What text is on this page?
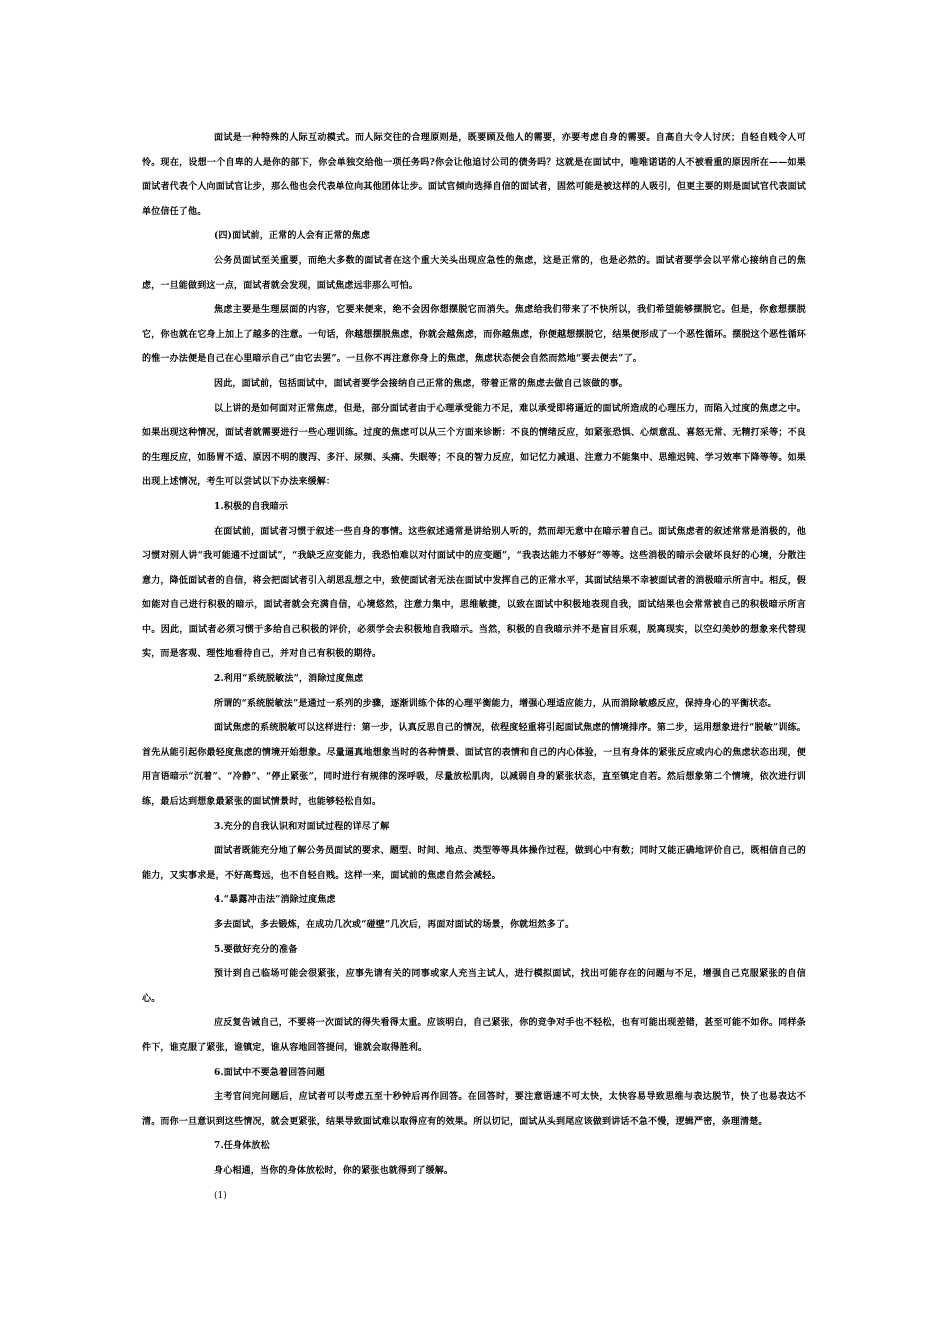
面试是一种特殊的人际互动模式。而人际交往的合理原则是，既要顾及他人的需要，亦要考虑自身的需要。自高自大令人讨厌；自轻自贱令人可怜。现在，设想一个自卑的人是你的部下，你会单独交给他一项任务吗?你会让他追讨公司的债务吗？这就是在面试中，唯唯诺诺的人不被看重的原因所在——如果面试者代表个人向面试官让步，那么他也会代表单位向其他团体让步。面试官倾向选择自信的面试者，固然可能是被这样的人吸引，但更主要的则是面试官代表面试单位信任了他。

(四)面试前，正常的人会有正常的焦虑

公务员面试至关重要，而绝大多数的面试者在这个重大关头出现应急性的焦虑，这是正常的，也是必然的。面试者要学会以平常心接纳自己的焦虑，一旦能做到这一点，面试者就会发现，面试焦虑远非那么可怕。

焦虑主要是生理层面的内容，它要来便来，绝不会因你想摆脱它而消失。焦虑给我们带来了不快所以，我们希望能够摆脱它。但是，你愈想摆脱它，你也就在它身上加上了越多的注意。一句话，你越想摆脱焦虑，你就会越焦虑，而你越焦虑，你便越想摆脱它，结果便形成了一个恶性循环。摆脱这个恶性循环的惟一办法便是自己在心里暗示自己“由它去罢”。一旦你不再注意你身上的焦虑，焦虑状态便会自然而然地“要去便去”了。

因此，面试前，包括面试中，面试者要学会接纳自己正常的焦虑，带着正常的焦虑去做自己该做的事。

以上讲的是如何面对正常焦虑，但是，部分面试者由于心理承受能力不足，难以承受即将逼近的面试所造成的心理压力，而陷入过度的焦虑之中。如果出现这种情况，面试者就需要进行一些心理训练。过度的焦虑可以从三个方面来诊断：不良的情绪反应，如紧张恐惧、心烦意乱、喜怒无常、无精打采等；不良的生理反应，如肠胃不适、原因不明的腹泻、多汗、尿频、头痛、失眠等；不良的智力反应，如记忆力减退、注意力不能集中、思维迟钝、学习效率下降等等。如果出现上述情况，考生可以尝试以下办法来缓解：

1.积极的自我暗示

在面试前，面试者习惯于叙述一些自身的事情。这些叙述通常是讲给别人听的，然而却无意中在暗示着自己。面试焦虑者的叙述常常是消极的，他习惯对别人讲“我可能通不过面试”，“我缺乏应变能力，我恐怕难以对付面试中的应变题”，“我表达能力不够好”等等。这些消极的暗示会破坏良好的心境，分散注意力，降低面试者的自信，将会把面试者引入胡思乱想之中，致使面试者无法在面试中发挥自己的正常水平，其面试结果不幸被面试者的消极暗示所言中。相反，假如能对自己进行积极的暗示，面试者就会充满自信，心境悠然，注意力集中，思维敏捷，以致在面试中积极地表现自我，面试结果也会常常被自己的积极暗示所言中。因此，面试者必须习惯于多给自己积极的评价，必须学会去积极地自我暗示。当然，积极的自我暗示并不是盲目乐观，脱离现实，以空幻美妙的想象来代替现实，而是客观、理性地看待自己，并对自己有积极的期待。

2.利用“系统脱敏法”，消除过度焦虑

所谓的“系统脱敏法”是通过一系列的步骤，逐渐训练个体的心理平衡能力，增强心理适应能力，从而消除敏感反应，保持身心的平衡状态。

面试焦虑的系统脱敏可以这样进行：第一步，认真反思自己的情况，依程度轻重将引起面试焦虑的情境排序。第二步，运用想象进行“脱敏”训练。首先从能引起你最轻度焦虑的情境开始想象。尽量逼真地想象当时的各种情景、面试官的表情和自己的内心体验，一旦有身体的紧张反应或内心的焦虑状态出现，便用言语暗示“沉着”、“冷静”、“停止紧张”，同时进行有规律的深呼吸，尽量放松肌肉，以减弱自身的紧张状态，直至镇定自若。然后想象第二个情境，依次进行训练，最后达到想象最紧张的面试情景时，也能够轻松自如。

3.充分的自我认识和对面试过程的详尽了解

面试者既能充分地了解公务员面试的要求、题型、时间、地点、类型等等具体操作过程，做到心中有数；同时又能正确地评价自己，既相信自己的能力，又实事求是，不好高骛远，也不自轻自贱。这样一来，面试前的焦虑自然会减轻。

4.“暴露冲击法”消除过度焦虑

多去面试，多去锻炼，在成功几次或“碰壁”几次后，再面对面试的场景，你就坦然多了。

5.要做好充分的准备

预计到自己临场可能会很紧张，应事先请有关的同事或家人充当主试人，进行模拟面试，找出可能存在的问题与不足，增强自己克服紧张的自信心。

应反复告诫自己，不要将一次面试的得失看得太重。应该明白，自己紧张，你的竞争对手也不轻松，也有可能出现差错，甚至可能不如你。同样条件下，谁克服了紧张，谁镇定，谁从容地回答提问，谁就会取得胜利。

6.面试中不要急着回答问题

主考官问完问题后，应试者可以考虑五至十秒钟后再作回答。在回答时，要注意语速不可太快，太快容易导致思维与表达脱节，快了也易表达不清。而你一旦意识到这些情况，就会更紧张，结果导致面试难以取得应有的效果。所以切记，面试从头到尾应该做到讲话不急不慢，逻辑严密，条理清楚。

7.任身体放松

身心相通，当你的身体放松时，你的紧张也就得到了缓解。

(1)
